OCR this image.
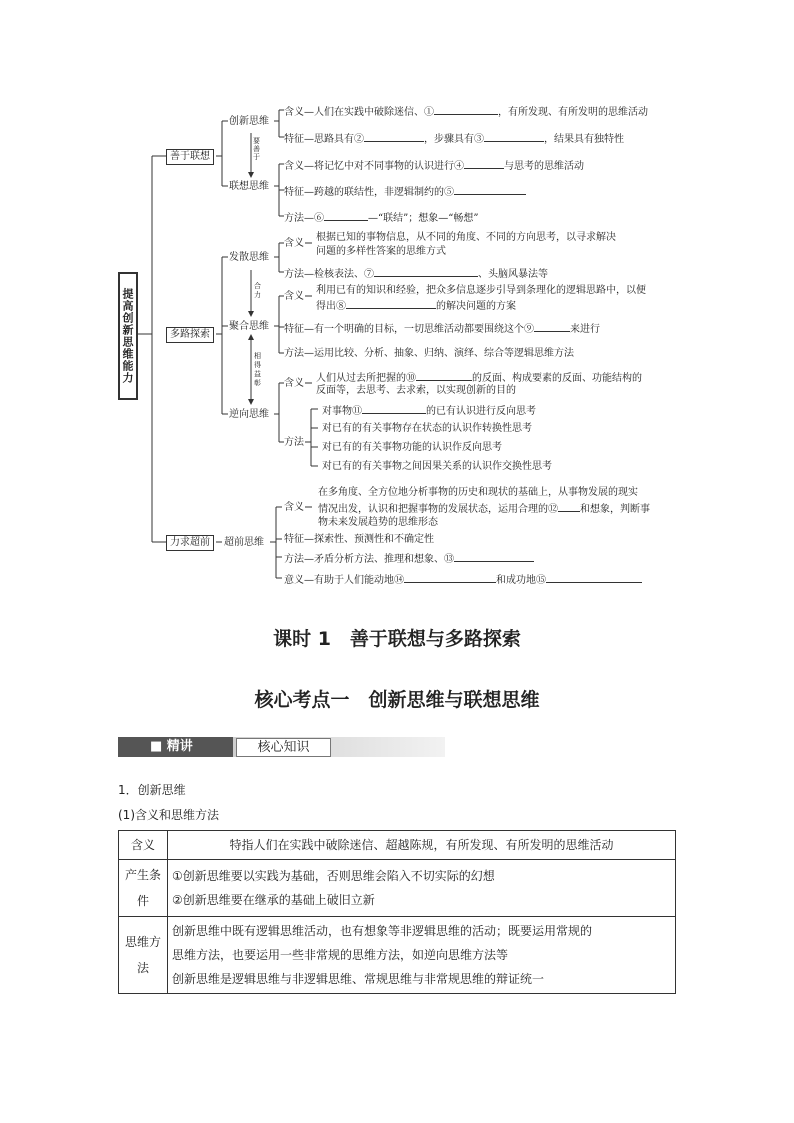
提高创新思维能力
善于联想
创新思维
含义—人们在实践中破除迷信、①	，有所发现、有所发明的思维活动
特征—思路具有②	，步骤具有③	，结果具有独特性
要善于
联想思维
含义—将记忆中对不同事物的认识进行④	与思考的思维活动
特征—跨越的联结性，非逻辑制约的⑤
方法—⑥	—“联结”；想象—“畅想”
多路探索
发散思维
含义
根据已知的事物信息，从不同的角度、不同的方向思考，以寻求解决
问题的多样性答案的思维方式
方法—检核表法、⑦	、头脑风暴法等
合力
聚合思维
含义
利用已有的知识和经验，把众多信息逐步引导到条理化的逻辑思路中，以便
得出⑧	的解决问题的方案
特征—有一个明确的目标，一切思维活动都要围绕这个⑨	来进行
方法—运用比较、分析、抽象、归纳、演绎、综合等逻辑思维方法
相得益彰
逆向思维
含义 人们从过去所把握的⑩	的反面、构成要素的反面、功能结构的
反面等，去思考、去求索，以实现创新的目的
方法
对事物⑪	的已有认识进行反向思考
对已有的有关事物存在状态的认识作转换性思考
对已有的有关事物功能的认识作反向思考
对已有的有关事物之间因果关系的认识作交换性思考
力求超前	超前思维
含义
在多角度、全方位地分析事物的历史和现状的基础上，从事物发展的现实
情况出发，认识和把握事物的发展状态，运用合理的⑫ 和想象，判断事
物未来发展趋势的思维形态
特征—探索性、预测性和不确定性
方法—矛盾分析方法、推理和想象、⑬
意义—有助于人们能动地⑭	和成功地⑮
课时 1　善于联想与多路探索
核心考点一　创新思维与联想思维
■ 精讲	核心知识
1．创新思维
(1)含义和思维方法
含义	特指人们在实践中破除迷信、超越陈规，有所发现、有所发明的思维活动
产生条件	①创新思维要以实践为基础，否则思维会陷入不切实际的幻想
②创新思维要在继承的基础上破旧立新

思维方法	创新思维中既有逻辑思维活动，也有想象等非逻辑思维的活动；既要运用常规的
思维方法，也要运用一些非常规的思维方法，如逆向思维方法等
创新思维是逻辑思维与非逻辑思维、常规思维与非常规思维的辩证统一
